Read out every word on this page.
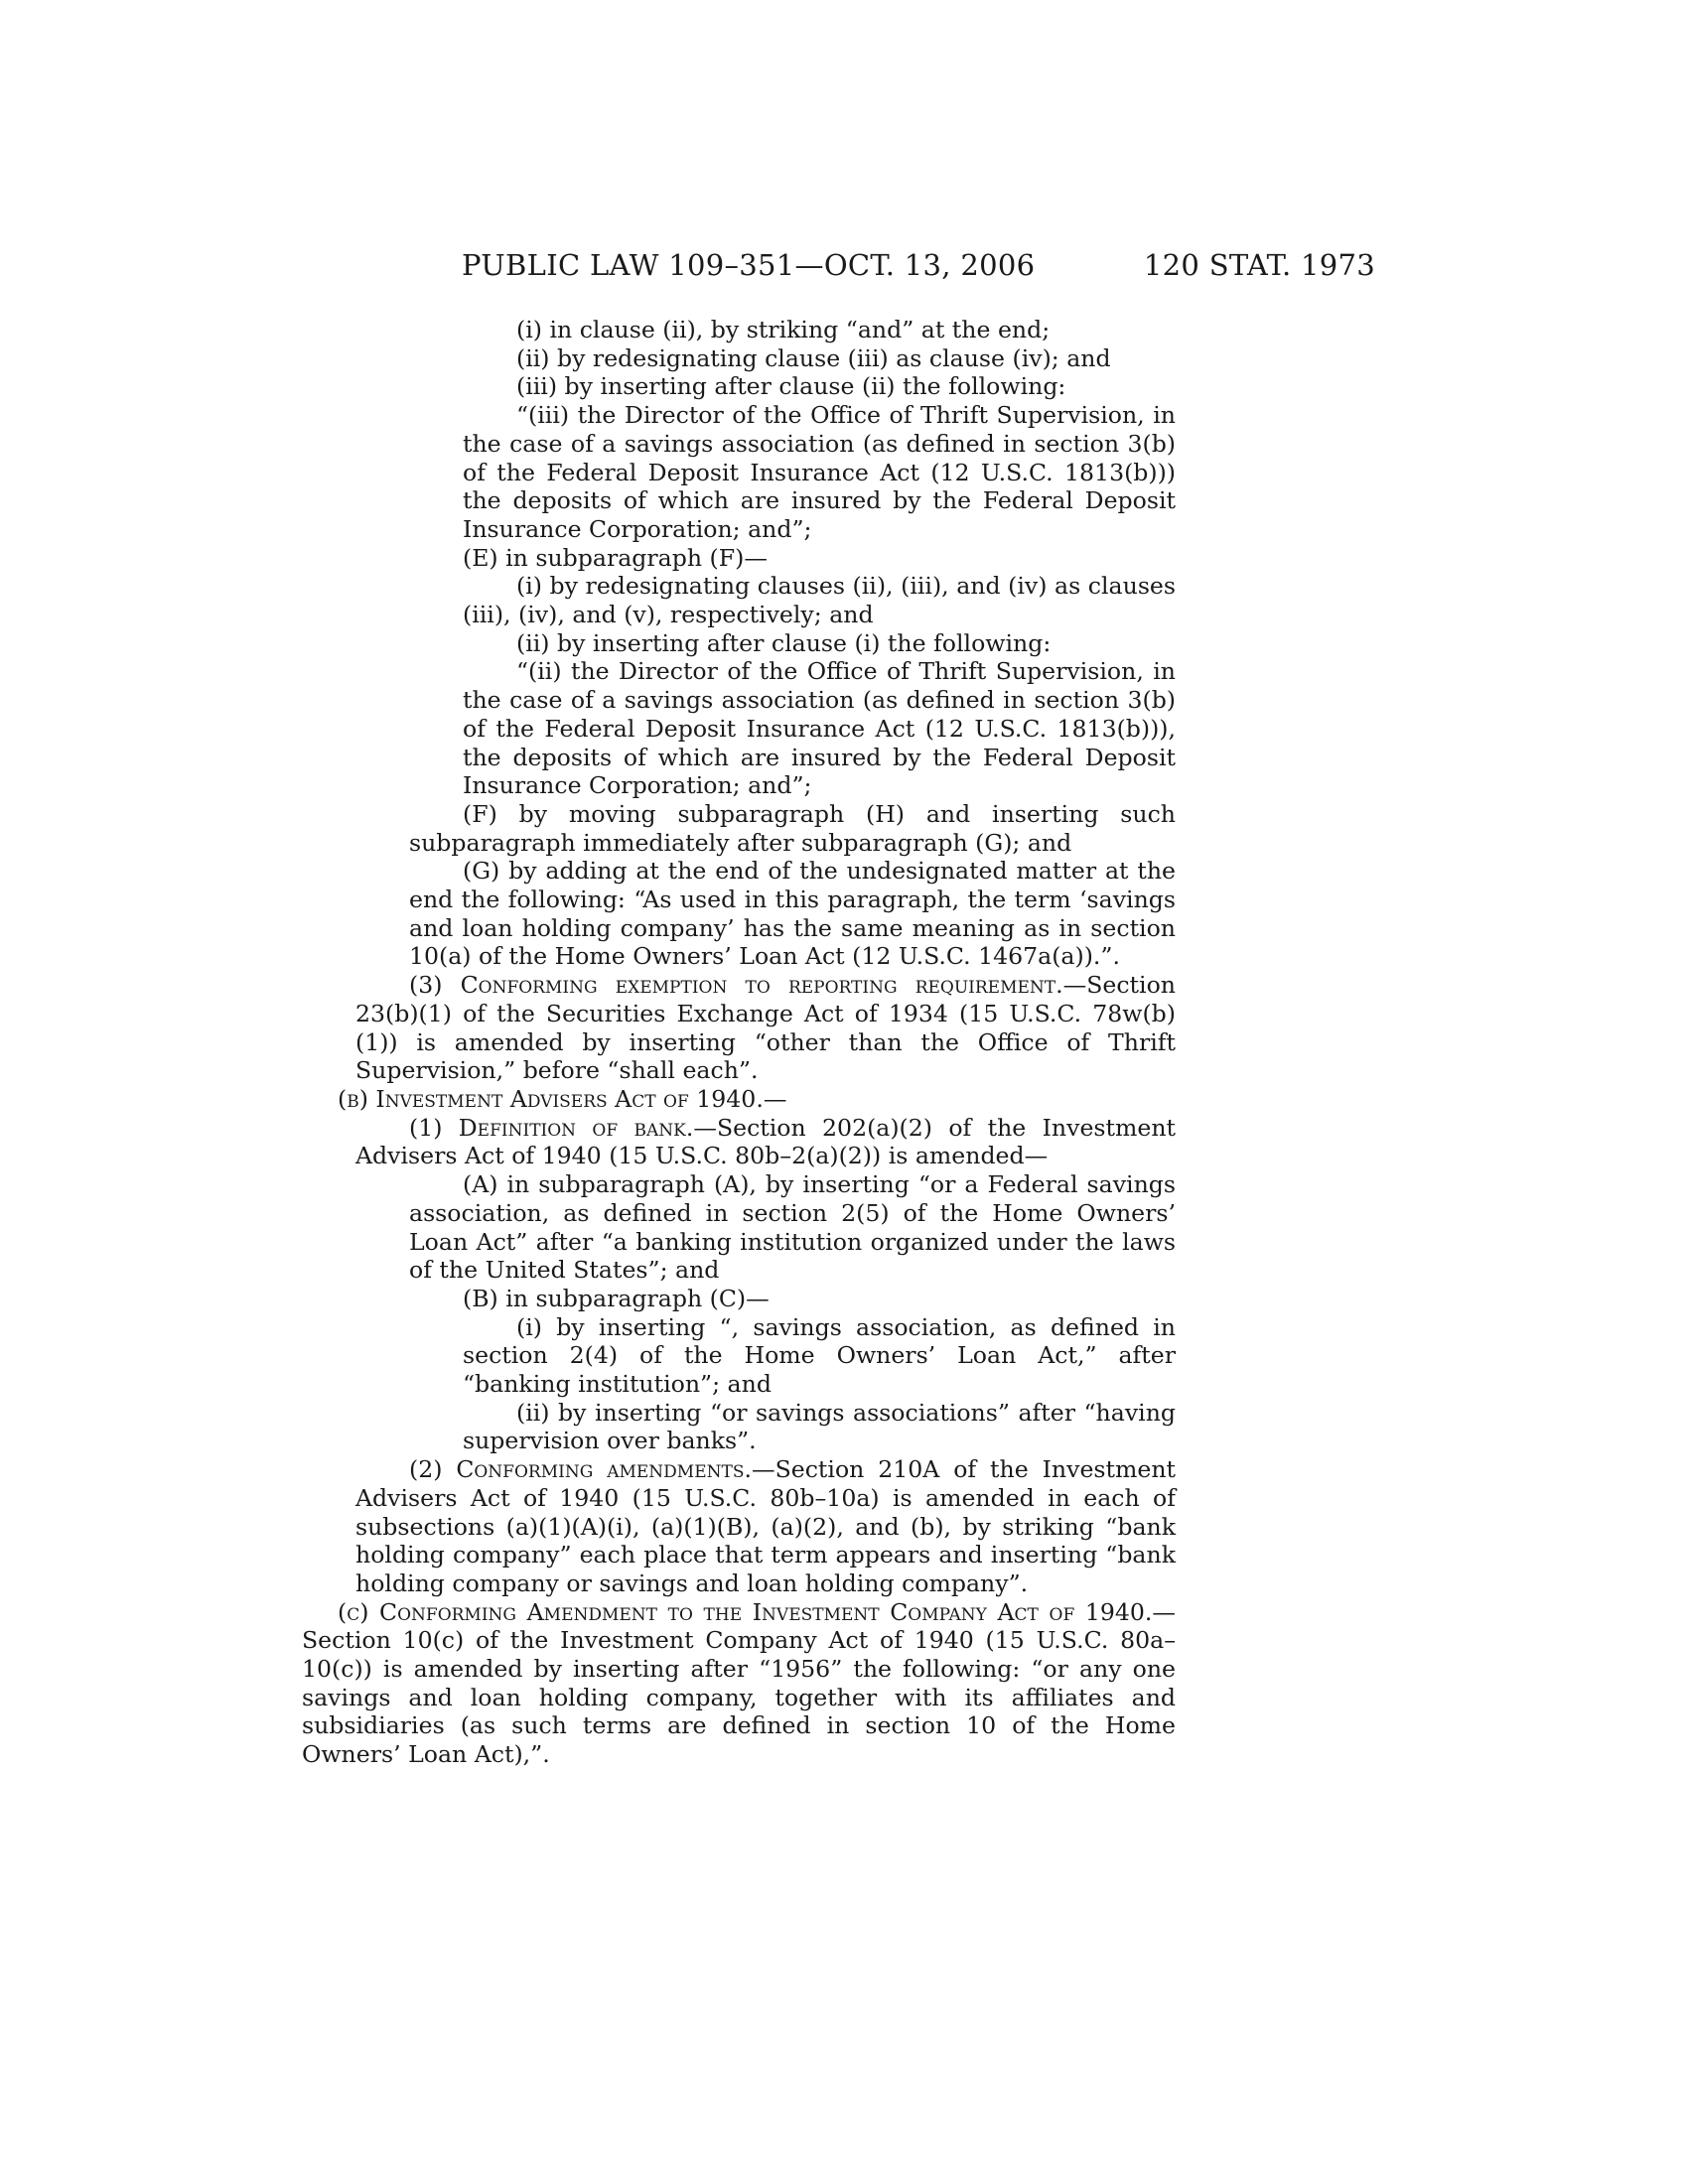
PUBLIC LAW 109–351—OCT. 13, 2006	120 STAT. 1973

(i) in clause (ii), by striking “and” at the end;

(ii) by redesignating clause (iii) as clause (iv); and

(iii) by inserting after clause (ii) the following:

“(iii) the Director of the Office of Thrift Supervision, in the case of a savings association (as defined in section 3(b) of the Federal Deposit Insurance Act (12 U.S.C. 1813(b))) the deposits of which are insured by the Federal Deposit Insurance Corporation; and”;

(E) in subparagraph (F)—

(i) by redesignating clauses (ii), (iii), and (iv) as clauses (iii), (iv), and (v), respectively; and

(ii) by inserting after clause (i) the following:

“(ii) the Director of the Office of Thrift Supervision, in the case of a savings association (as defined in section 3(b) of the Federal Deposit Insurance Act (12 U.S.C. 1813(b))), the deposits of which are insured by the Federal Deposit Insurance Corporation; and”;

(F) by moving subparagraph (H) and inserting such subparagraph immediately after subparagraph (G); and

(G) by adding at the end of the undesignated matter at the end the following: “As used in this paragraph, the term ‘savings and loan holding company’ has the same meaning as in section 10(a) of the Home Owners’ Loan Act (12 U.S.C. 1467a(a)).”.

(3) Conforming exemption to reporting requirement.—Section 23(b)(1) of the Securities Exchange Act of 1934 (15 U.S.C. 78w(b)(1)) is amended by inserting “other than the Office of Thrift Supervision,” before “shall each”.

(b) Investment Advisers Act of 1940.—

(1) Definition of bank.—Section 202(a)(2) of the Investment Advisers Act of 1940 (15 U.S.C. 80b–2(a)(2)) is amended—

(A) in subparagraph (A), by inserting “or a Federal savings association, as defined in section 2(5) of the Home Owners’ Loan Act” after “a banking institution organized under the laws of the United States”; and

(B) in subparagraph (C)—

(i) by inserting “, savings association, as defined in section 2(4) of the Home Owners’ Loan Act,” after “banking institution”; and

(ii) by inserting “or savings associations” after “having supervision over banks”.

(2) Conforming amendments.—Section 210A of the Investment Advisers Act of 1940 (15 U.S.C. 80b–10a) is amended in each of subsections (a)(1)(A)(i), (a)(1)(B), (a)(2), and (b), by striking “bank holding company” each place that term appears and inserting “bank holding company or savings and loan holding company”.

(c) Conforming Amendment to the Investment Company Act of 1940.—Section 10(c) of the Investment Company Act of 1940 (15 U.S.C. 80a–10(c)) is amended by inserting after “1956” the following: “or any one savings and loan holding company, together with its affiliates and subsidiaries (as such terms are defined in section 10 of the Home Owners’ Loan Act),”.
